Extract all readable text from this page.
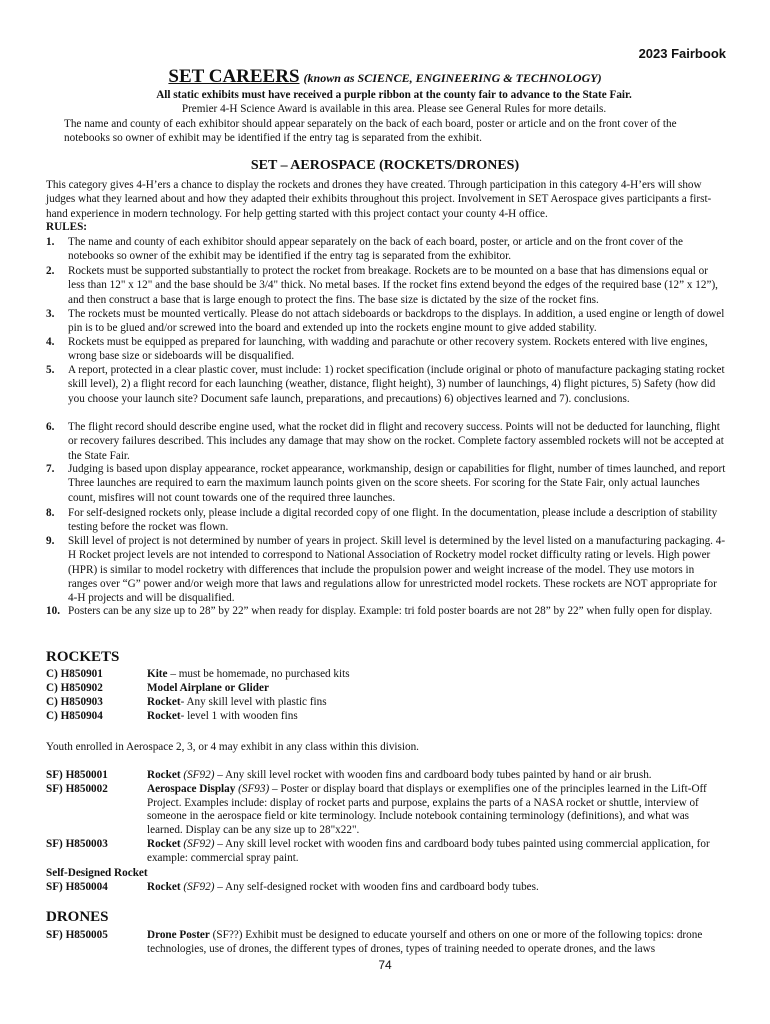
2023 Fairbook
SET CAREERS (known as SCIENCE, ENGINEERING & TECHNOLOGY)
All static exhibits must have received a purple ribbon at the county fair to advance to the State Fair.
Premier 4-H Science Award is available in this area. Please see General Rules for more details.
The name and county of each exhibitor should appear separately on the back of each board, poster or article and on the front cover of the notebooks so owner of exhibit may be identified if the entry tag is separated from the exhibit.
SET – AEROSPACE (ROCKETS/DRONES)
This category gives 4-H’ers a chance to display the rockets and drones they have created. Through participation in this category 4-H’ers will show judges what they learned about and how they adapted their exhibits throughout this project. Involvement in SET Aerospace gives participants a first-hand experience in modern technology. For help getting started with this project contact your county 4-H office.
RULES:
1.	The name and county of each exhibitor should appear separately on the back of each board, poster, or article and on the front cover of the notebooks so owner of the exhibit may be identified if the entry tag is separated from the exhibitor.
2.	Rockets must be supported substantially to protect the rocket from breakage. Rockets are to be mounted on a base that has dimensions equal or less than 12" x 12" and the base should be 3/4" thick. No metal bases. If the rocket fins extend beyond the edges of the required base (12” x 12”), and then construct a base that is large enough to protect the fins. The base size is dictated by the size of the rocket fins.
3.	The rockets must be mounted vertically. Please do not attach sideboards or backdrops to the displays. In addition, a used engine or length of dowel pin is to be glued and/or screwed into the board and extended up into the rockets engine mount to give added stability.
4.	Rockets must be equipped as prepared for launching, with wadding and parachute or other recovery system. Rockets entered with live engines, wrong base size or sideboards will be disqualified.
5.	A report, protected in a clear plastic cover, must include: 1) rocket specification (include original or photo of manufacture packaging stating rocket skill level), 2) a flight record for each launching (weather, distance, flight height), 3) number of launchings, 4) flight pictures, 5) Safety (how did you choose your launch site? Document safe launch, preparations, and precautions) 6) objectives learned and 7). conclusions.
6.	The flight record should describe engine used, what the rocket did in flight and recovery success. Points will not be deducted for launching, flight or recovery failures described. This includes any damage that may show on the rocket. Complete factory assembled rockets will not be accepted at the State Fair.
7.	Judging is based upon display appearance, rocket appearance, workmanship, design or capabilities for flight, number of times launched, and report Three launches are required to earn the maximum launch points given on the score sheets. For scoring for the State Fair, only actual launches count, misfires will not count towards one of the required three launches.
8.	For self-designed rockets only, please include a digital recorded copy of one flight. In the documentation, please include a description of stability testing before the rocket was flown.
9.	Skill level of project is not determined by number of years in project. Skill level is determined by the level listed on a manufacturing packaging. 4-H Rocket project levels are not intended to correspond to National Association of Rocketry model rocket difficulty rating or levels. High power (HPR) is similar to model rocketry with differences that include the propulsion power and weight increase of the model. They use motors in ranges over “G” power and/or weigh more that laws and regulations allow for unrestricted model rockets. These rockets are NOT appropriate for 4-H projects and will be disqualified.
10. Posters can be any size up to 28” by 22” when ready for display. Example: tri fold poster boards are not 28” by 22” when fully open for display.
ROCKETS
C) H850901	Kite – must be homemade, no purchased kits
C) H850902	Model Airplane or Glider
C) H850903	Rocket- Any skill level with plastic fins
C) H850904	Rocket- level 1 with wooden fins
Youth enrolled in Aerospace 2, 3, or 4 may exhibit in any class within this division.
SF) H850001	Rocket (SF92) – Any skill level rocket with wooden fins and cardboard body tubes painted by hand or air brush.
SF) H850002	Aerospace Display (SF93) – Poster or display board that displays or exemplifies one of the principles learned in the Lift-Off Project. Examples include: display of rocket parts and purpose, explains the parts of a NASA rocket or shuttle, interview of someone in the aerospace field or kite terminology. Include notebook containing terminology (definitions), and what was learned. Display can be any size up to 28"x22".
SF) H850003	Rocket (SF92) – Any skill level rocket with wooden fins and cardboard body tubes painted using commercial application, for example: commercial spray paint.
Self-Designed Rocket
SF) H850004	Rocket (SF92) – Any self-designed rocket with wooden fins and cardboard body tubes.
DRONES
SF) H850005	Drone Poster (SF??) Exhibit must be designed to educate yourself and others on one or more of the following topics: drone technologies, use of drones, the different types of drones, types of training needed to operate drones, and the laws
74
